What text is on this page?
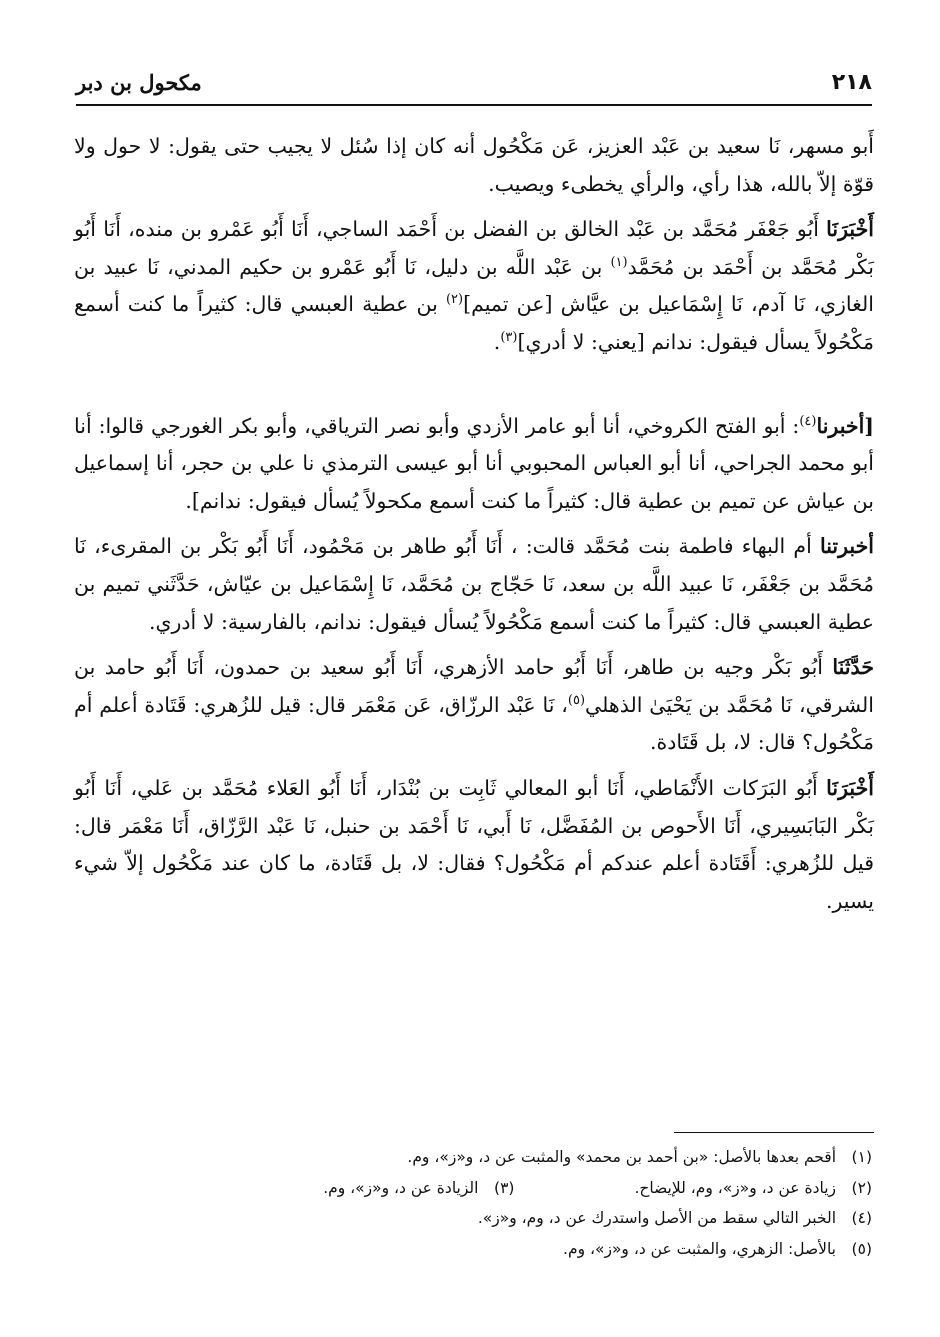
٢١٨
مكحول بن دبر

أَبو مسهر، نَا سعيد بن عَبْد العزيز، عَن مَكْحُول أنه كان إذا سُئل لا يجيب حتى يقول: لا حول ولا قوّة إلاّ بالله، هذا رأي، والرأي يخطىء ويصيب.

أَخْبَرَنَا أَبُو جَعْفَر مُحَمَّد بن عَبْد الخالق بن الفضل بن أَحْمَد الساجي، أَنَا أَبُو عَمْرو بن منده، أَنَا أَبُو بَكْر مُحَمَّد بن أَحْمَد بن مُحَمَّد$^{(١)}$ بن عَبْد اللَّه بن دليل، نَا أَبُو عَمْرو بن حكيم المدني، نَا عبيد بن الغازي، نَا آدم، نَا إِسْمَاعيل بن عيَّاش [عن تميم]$^{(٢)}$ بن عطية العبسي قال: كثيراً ما كنت أسمع مَكْحُولاً يسأل فيقول: ندانم [يعني: لا أدري]$^{(٣)}$.

[أخبرنا$^{(٤)}$: أبو الفتح الكروخي، أنا أبو عامر الأزدي وأبو نصر الترياقي، وأبو بكر الغورجي قالوا: أنا أبو محمد الجراحي، أنا أبو العباس المحبوبي أنا أبو عيسى الترمذي نا علي بن حجر، أنا إسماعيل بن عياش عن تميم بن عطية قال: كثيراً ما كنت أسمع مكحولاً يُسأل فيقول: ندانم].

أخبرتنا أم البهاء فاطمة بنت مُحَمَّد قالت: ، أَنَا أَبُو طاهر بن مَحْمُود، أَنَا أَبُو بَكْر بن المقرىء، نَا مُحَمَّد بن جَعْفَر، نَا عبيد اللَّه بن سعد، نَا حَجّاج بن مُحَمَّد، نَا إِسْمَاعيل بن عيّاش، حَدَّثَني تميم بن عطية العبسي قال: كثيراً ما كنت أسمع مَكْحُولاً يُسأل فيقول: ندانم، بالفارسية: لا أدري.

حَدَّثَنَا أَبُو بَكْر وجيه بن طاهر، أَنَا أَبُو حامد الأزهري، أَنَا أَبُو سعيد بن حمدون، أَنَا أَبُو حامد بن الشرقي، نَا مُحَمَّد بن يَحْيَىٰ الذهلي$^{(٥)}$، نَا عَبْد الرزّاق، عَن مَعْمَر قال: قيل للزُهري: قَتَادة أعلم أم مَكْحُول؟ قال: لا، بل قَتَادة.

أَخْبَرَنَا أَبُو البَرَكات الأَنْمَاطي، أَنَا أبو المعالي ثَابِت بن بُنْدَار، أَنَا أَبُو العَلاء مُحَمَّد بن عَلي، أَنَا أَبُو بَكْر البَابَسِيري، أَنَا الأَحوص بن المُفَضَّل، نَا أَبي، نَا أَحْمَد بن حنبل، نَا عَبْد الرَّزّاق، أَنَا مَعْمَر قال: قيل للزُهري: أَقَتَادة أعلم عندكم أم مَكْحُول؟ فقال: لا، بل قَتَادة، ما كان عند مَكْحُول إلاّ شيء يسير.

(١)
أقحم بعدها بالأصل: «بن أحمد بن محمد» والمثبت عن د، و«ز»، وم.
(٢)
زيادة عن د، و«ز»، وم، للإيضاح.
(٣)
الزيادة عن د، و«ز»، وم.
(٤)
الخبر التالي سقط من الأصل واستدرك عن د، وم، و«ز».
(٥)
بالأصل: الزهري، والمثبت عن د، و«ز»، وم.
